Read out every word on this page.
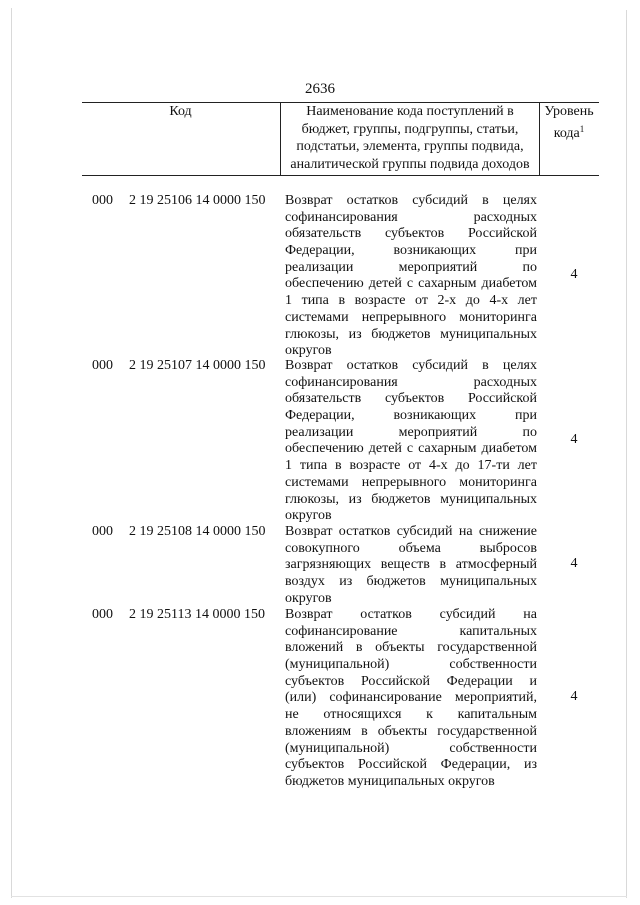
2636
Код	Наименование кода поступлений в
бюджет, группы, подгруппы, статьи,
подстатьи, элемента, группы подвида,
аналитической группы подвида доходов
Уровень
кода$^1$
000 2 19 25106 14 0000 150 Возврат остатков субсидий в целях
софинансирования расходных
обязательств субъектов Российской
Федерации, возникающих при
реализации мероприятий по
обеспечению детей с сахарным диабетом
1 типа в возрасте от 2-х до 4-х лет
системами непрерывного мониторинга
глюкозы, из бюджетов муниципальных
округов
4
000 2 19 25107 14 0000 150 Возврат остатков субсидий в целях
софинансирования расходных
обязательств субъектов Российской
Федерации, возникающих при
реализации мероприятий по
обеспечению детей с сахарным диабетом
1 типа в возрасте от 4-х до 17-ти лет
системами непрерывного мониторинга
глюкозы, из бюджетов муниципальных
округов
4
000 2 19 25108 14 0000 150 Возврат остатков субсидий на снижение
совокупного объема выбросов
загрязняющих веществ в атмосферный
воздух из бюджетов муниципальных
округов
4
000 2 19 25113 14 0000 150 Возврат остатков субсидий на
софинансирование капитальных
вложений в объекты государственной
(муниципальной) собственности
субъектов Российской Федерации и
(или) софинансирование мероприятий,
не относящихся к капитальным
вложениям в объекты государственной
(муниципальной) собственности
субъектов Российской Федерации, из
бюджетов муниципальных округов
4
